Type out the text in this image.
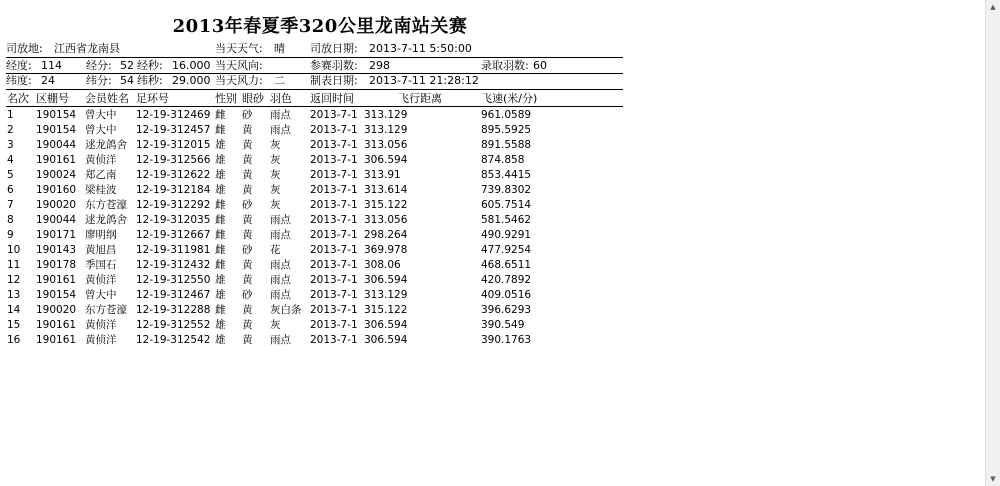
2013年春夏季320公里龙南站关赛
司放地: 江西省龙南县	当天天气: 晴 司放日期: 2013-7-11 5:50:00
经度: 114 经分: 52 经秒: 16.000 当天风向:	参赛羽数: 298	录取羽数: 60
纬度: 24	纬分: 54 纬秒: 29.000 当天风力: 二 制表日期: 2013-7-11 21:28:12
名次 区棚号 会员姓名 足环号	性别 眼砂 羽色 返回时间	飞行距离	飞速(米/分)
1 190154 曾大中 12-19-312469 雌 砂 雨点 2013-7-1 313.129	961.0589
2 190154 曾大中 12-19-312457 雌 黄 雨点 2013-7-1 313.129	895.5925
3 190044 逑龙鸽舍 12-19-312015 雄 黄 灰	2013-7-1 313.056	891.5588
4 190161 黄侦洋 12-19-312566 雄 黄 灰	2013-7-1 306.594	874.858
5 190024 郑乙南 12-19-312622 雄 黄 灰	2013-7-1 313.91	853.4415
6 190160 梁桂波 12-19-312184 雄 黄 灰	2013-7-1 313.614	739.8302
7 190020 东方苍濠 12-19-312292 雌 砂 灰	2013-7-1 315.122	605.7514
8 190044 逑龙鸽舍 12-19-312035 雌 黄 雨点 2013-7-1 313.056	581.5462
9 190171 廖明纲 12-19-312667 雌 黄 雨点 2013-7-1 298.264	490.9291
10 190143 黄旭昌 12-19-311981 雌 砂 花	2013-7-1 369.978	477.9254
11 190178 季国石 12-19-312432 雌 黄 雨点 2013-7-1 308.06	468.6511
12 190161 黄侦洋 12-19-312550 雄 黄 雨点 2013-7-1 306.594	420.7892
13 190154 曾大中 12-19-312467 雄 砂 雨点 2013-7-1 313.129	409.0516
14 190020 东方苍濠 12-19-312288 雌 黄 灰白条 2013-7-1 315.122	396.6293
15 190161 黄侦洋 12-19-312552 雄 黄 灰	2013-7-1 306.594	390.549
16 190161 黄侦洋 12-19-312542 雄 黄 雨点 2013-7-1 306.594	390.1763
▲
▼
